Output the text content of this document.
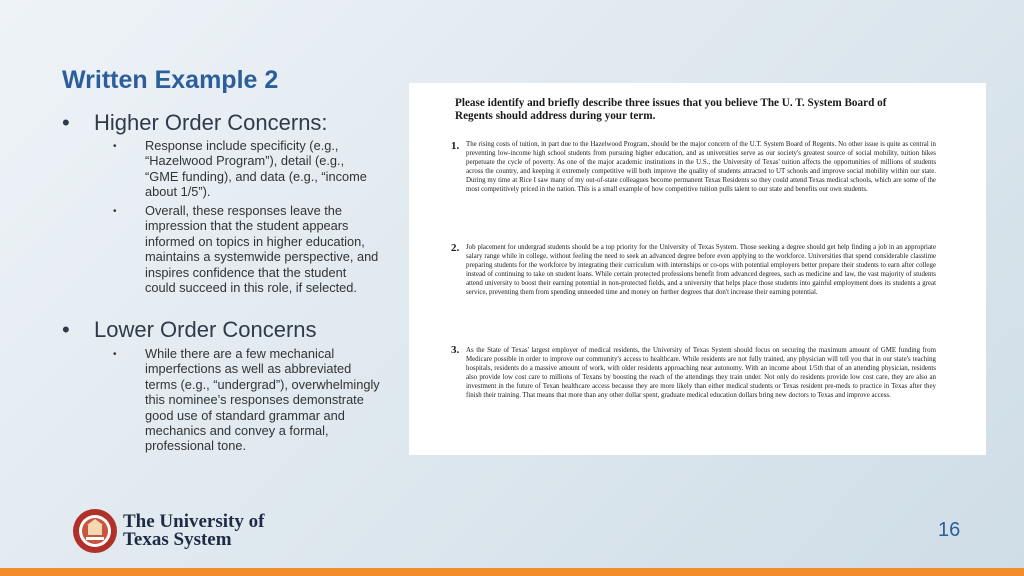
Written Example 2
•	Higher Order Concerns:
•	Response include specificity (e.g., “Hazelwood Program”), detail (e.g., “GME funding), and data (e.g., “income about 1/5”).
•	Overall, these responses leave the impression that the student appears informed on topics in higher education, maintains a systemwide perspective, and inspires confidence that the student could succeed in this role, if selected.
•	Lower Order Concerns
•	While there are a few mechanical imperfections as well as abbreviated terms (e.g., “undergrad”), overwhelmingly this nominee’s responses demonstrate good use of standard grammar and mechanics and convey a formal, professional tone.
Please identify and briefly describe three issues that you believe The U. T. System Board of Regents should address during your term.
1. The rising costs of tuition, in part due to the Hazelwood Program, should be the major concern of the U.T. System Board of Regents. No other issue is quite as central in preventing low-income high school students from pursuing higher education, and as universities serve as our society's greatest source of social mobility, tuition hikes perpetuate the cycle of poverty. As one of the major academic institutions in the U.S., the University of Texas' tuition affects the opportunities of millions of students across the country, and keeping it extremely competitive will both improve the quality of students attracted to UT schools and improve social mobility within our state. During my time at Rice I saw many of my out-of-state colleagues become permanent Texas Residents so they could attend Texas medical schools, which are some of the most competitively priced in the nation. This is a small example of how competitive tuition pulls talent to our state and benefits our own students.
2. Job placement for undergrad students should be a top priority for the University of Texas System. Those seeking a degree should get help finding a job in an appropriate salary range while in college, without feeling the need to seek an advanced degree before even applying to the workforce. Universities that spend considerable classtime preparing students for the workforce by integrating their curriculum with internships or co-ops with potential employers better prepare their students to earn after college instead of continuing to take on student loans. While certain protected professions benefit from advanced degrees, such as medicine and law, the vast majority of students attend university to boost their earning potential in non-protected fields, and a university that helps place those students into gainful employment does its students a great service, preventing them from spending unneeded time and money on further degrees that don't increase their earning potential.
3. As the State of Texas' largest employer of medical residents, the University of Texas System should focus on securing the maximum amount of GME funding from Medicare possible in order to improve our community's access to healthcare. While residents are not fully trained, any physician will tell you that in our state's teaching hospitals, residents do a massive amount of work, with older residents approaching near autonomy. With an income about 1/5th that of an attending physician, residents also provide low cost care to millions of Texans by boosting the reach of the attendings they train under. Not only do residents provide low cost care, they are also an investment in the future of Texan healthcare access because they are more likely than either medical students or Texas resident pre-meds to practice in Texas after they finish their training. That means that more than any other dollar spent, graduate medical education dollars bring new doctors to Texas and improve access.
The University of
Texas System	16
